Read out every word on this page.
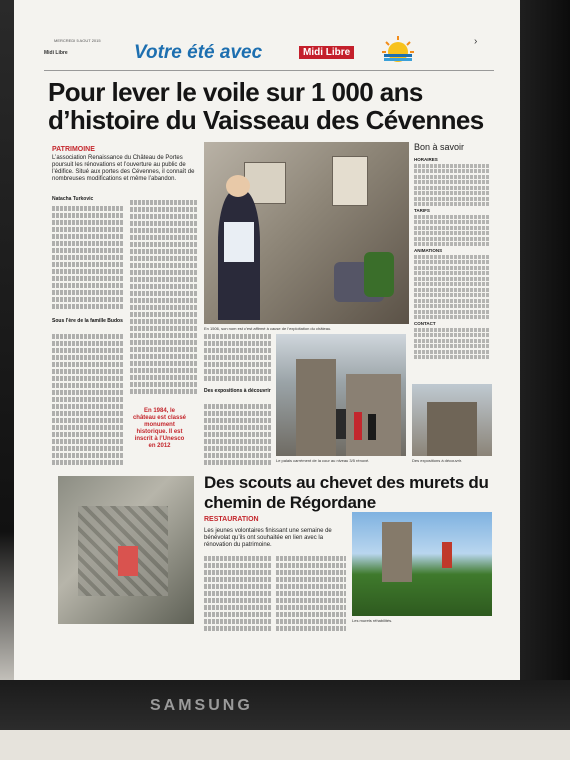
MERCREDI 5 AOUT 2015
Midi Libre	Votre été avec	Midi Libre
›
Pour lever le voile sur 1 000 ans d’histoire du Vaisseau des Cévennes
PATRIMOINE
L’association Renaissance du Château de Portes poursuit les rénovations et l’ouverture au public de l’édifice. Situé aux portes des Cévennes, il connaît de nombreuses modifications et même l’abandon.
Natacha Turkovic
Sous l’ère de la famille Budos
En 1984, le château est classé monument historique. Il est inscrit à l’Unesco en 2012
En 1506, son nom est c’est affirmé à cause de l’exploitation du château.
Des expositions à découvrir
Le palais carrément de la cour au niveau 3/5 rénové.	Des expositions à découvrir.
Bon à savoir
HORAIRES
TARIFS
ANIMATIONS
CONTACT
Des scouts au chevet des murets du chemin de Régordane
RESTAURATION
Les jeunes volontaires finissant une semaine de bénévolat qu’ils ont souhaitée en lien avec la rénovation du patrimoine.
Les murets réhabilités.
SAMSUNG
